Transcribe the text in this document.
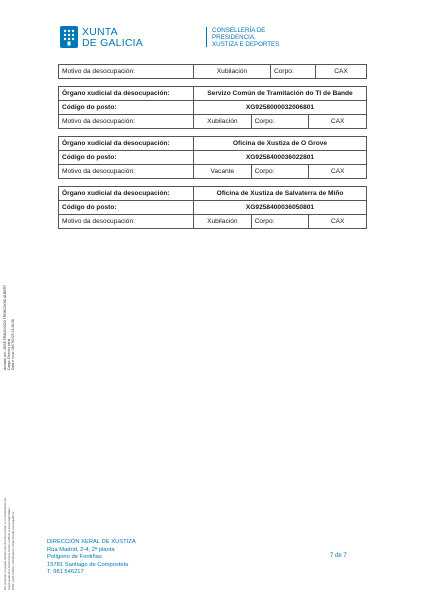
XUNTA
DE GALICIA
CONSELLERÍA DE
PRESIDENCIA,
XUSTIZA E DEPORTES
Motivo da desocupación:	Xubilación	Corpo:	CAX
Órgano xudicial da desocupación:	Servizo Común de Tramitación do TI de Bande		
Código do posto:	XG9258000032006801		
Motivo da desocupación:	Xubilación	Corpo:	CAX
Órgano xudicial da desocupación:	Oficina de Xustiza de O Grove		
Código do posto:	XG9258400036022801		
Motivo da desocupación:	Vacante	Corpo:	CAX
Órgano xudicial da desocupación:	Oficina de Xustiza de Salvaterra de Miño		
Código do posto:	XG9258400036050801		
Motivo da desocupación:	Xubilación	Corpo:	CAX
Asinado por: JOSÉ FRANCISCO TRONCHONI ALBERT Cargo: Director xeral Data e hora: 08/07/2025 13:36:38
Os orixinais en papel destes documentos teñen a consideración de copia auténtica electrónica. Pode verificar a súa integridade. CVE: pre/LiVOW | Verificación: https://sede.xunta.gal/cve	DIRECCIÓN XERAL DE XUSTIZA
Rúa Madrid, 2-4, 2ª planta
Polígono de Fontiñas
15781 Santiago de Compostela
T. 981 546217
7 de 7
